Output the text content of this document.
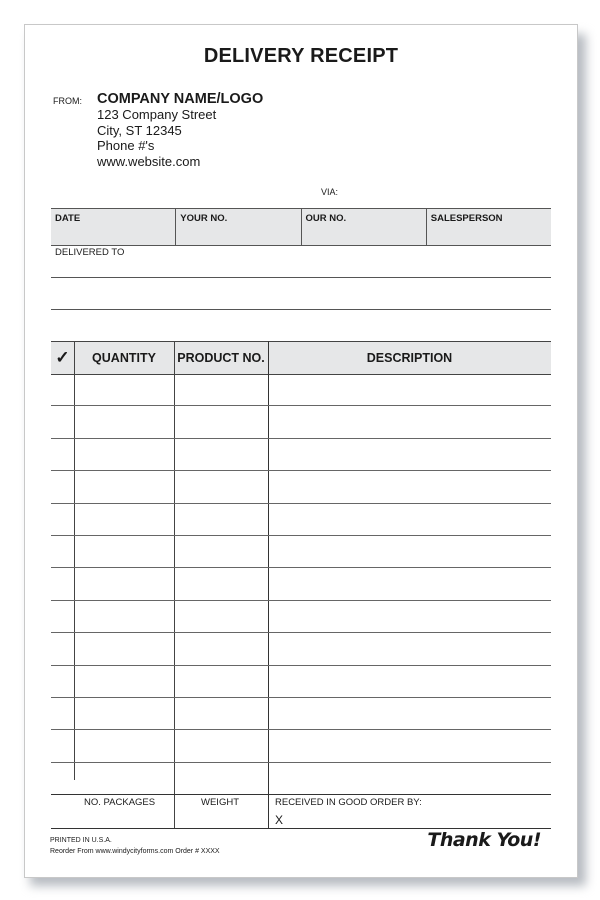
DELIVERY RECEIPT
FROM: COMPANY NAME/LOGO
123 Company Street
City, ST 12345
Phone #'s
www.website.com
VIA:
DATE	YOUR NO.	OUR NO.	SALESPERSON
DELIVERED TO
✓	QUANTITY	PRODUCT NO.	DESCRIPTION
NO. PACKAGES	WEIGHT	RECEIVED IN GOOD ORDER BY:
X
PRINTED IN U.S.A.
Reorder From www.windycityforms.com Order # XXXX
Thank You!
